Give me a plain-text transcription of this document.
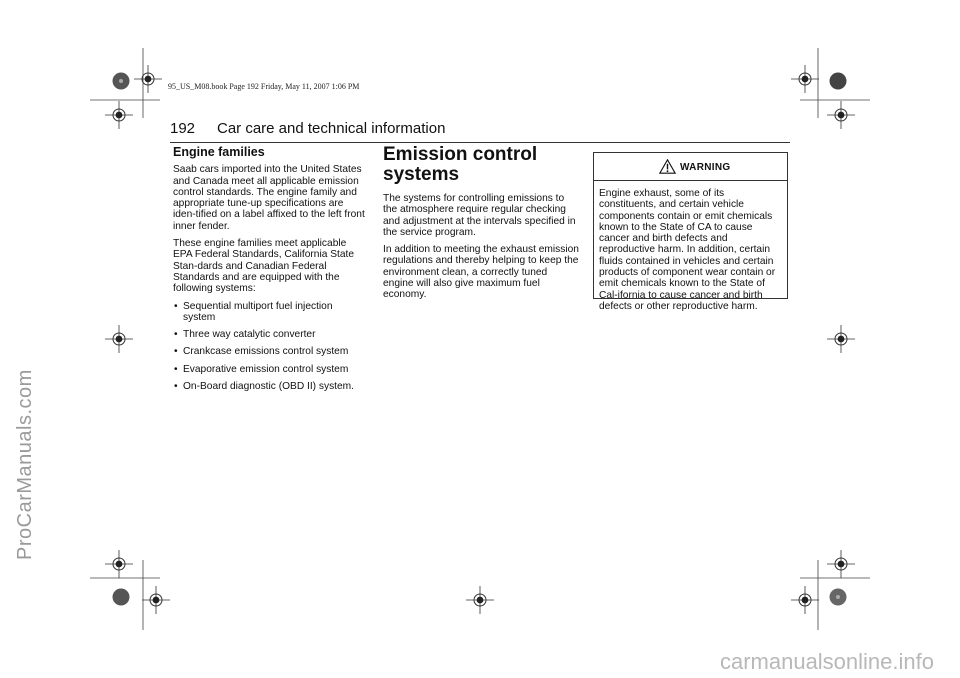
95_US_M08.book Page 192 Friday, May 11, 2007 1:06 PM
ProCarManuals.com
carmanualsonline.info
192 Car care and technical information
Engine families

Saab cars imported into the United States and Canada meet all applicable emission control standards. The engine family and appropriate tune-up specifications are iden-tified on a label affixed to the left front inner fender.

These engine families meet applicable EPA Federal Standards, California State Stan-dards and Canadian Federal Standards and are equipped with the following systems:

• Sequential multiport fuel injection system
• Three way catalytic converter
• Crankcase emissions control system
• Evaporative emission control system
• On-Board diagnostic (OBD II) system.
Emission control systems

The systems for controlling emissions to the atmosphere require regular checking and adjustment at the intervals specified in the service program.

In addition to meeting the exhaust emission regulations and thereby helping to keep the environment clean, a correctly tuned engine will also give maximum fuel economy.

WARNING
Engine exhaust, some of its constituents, and certain vehicle components contain or emit chemicals known to the State of CA to cause cancer and birth defects and reproductive harm. In addition, certain fluids contained in vehicles and certain products of component wear contain or emit chemicals known to the State of Cal-ifornia to cause cancer and birth defects or other reproductive harm.
